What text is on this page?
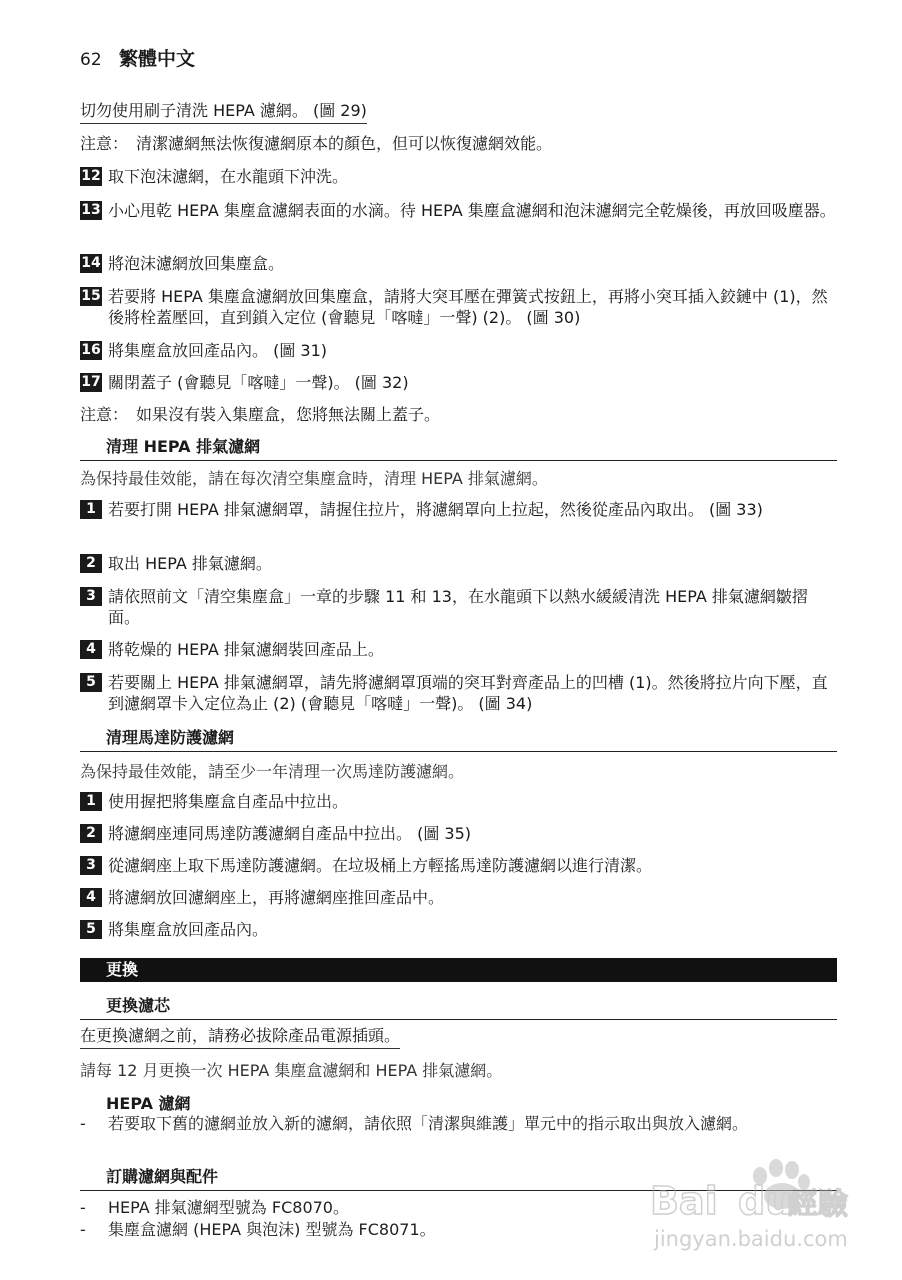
62 繁體中文
切勿使用刷子清洗 HEPA 濾網。 (圖 29)
注意： 清潔濾網無法恢復濾網原本的顏色，但可以恢復濾網效能。
12 取下泡沫濾網，在水龍頭下沖洗。
13 小心甩乾 HEPA 集塵盒濾網表面的水滴。待 HEPA 集塵盒濾網和泡沫濾網完全乾燥後，再放回吸塵器。
14 將泡沫濾網放回集塵盒。
15 若要將 HEPA 集塵盒濾網放回集塵盒，請將大突耳壓在彈簧式按鈕上，再將小突耳插入鉸鏈中 (1)，然後將栓蓋壓回，直到鎖入定位 (會聽見「喀噠」一聲) (2)。 (圖 30)
16 將集塵盒放回產品內。 (圖 31)
17 關閉蓋子 (會聽見「喀噠」一聲)。 (圖 32)
注意： 如果沒有裝入集塵盒，您將無法關上蓋子。
清理 HEPA 排氣濾網
為保持最佳效能，請在每次清空集塵盒時，清理 HEPA 排氣濾網。
1 若要打開 HEPA 排氣濾網罩，請握住拉片，將濾網罩向上拉起，然後從產品內取出。 (圖 33)
2 取出 HEPA 排氣濾網。
3 請依照前文「清空集塵盒」一章的步驟 11 和 13，在水龍頭下以熱水緩緩清洗 HEPA 排氣濾網皺摺面。
4 將乾燥的 HEPA 排氣濾網裝回產品上。
5 若要關上 HEPA 排氣濾網罩，請先將濾網罩頂端的突耳對齊產品上的凹槽 (1)。然後將拉片向下壓，直到濾網罩卡入定位為止 (2) (會聽見「喀噠」一聲)。 (圖 34)
清理馬達防護濾網
為保持最佳效能，請至少一年清理一次馬達防護濾網。
1 使用握把將集塵盒自產品中拉出。
2 將濾網座連同馬達防護濾網自產品中拉出。 (圖 35)
3 從濾網座上取下馬達防護濾網。在垃圾桶上方輕搖馬達防護濾網以進行清潔。
4 將濾網放回濾網座上，再將濾網座推回產品中。
5 將集塵盒放回產品內。
更換
更換濾芯
在更換濾網之前，請務必拔除產品電源插頭。
請每 12 月更換一次 HEPA 集塵盒濾網和 HEPA 排氣濾網。
HEPA 濾網
- 若要取下舊的濾網並放入新的濾網，請依照「清潔與維護」單元中的指示取出與放入濾網。
訂購濾網與配件
- HEPA 排氣濾網型號為 FC8070。
- 集塵盒濾網 (HEPA 與泡沫) 型號為 FC8071。
Bai du
經驗
jingyan.baidu.com
